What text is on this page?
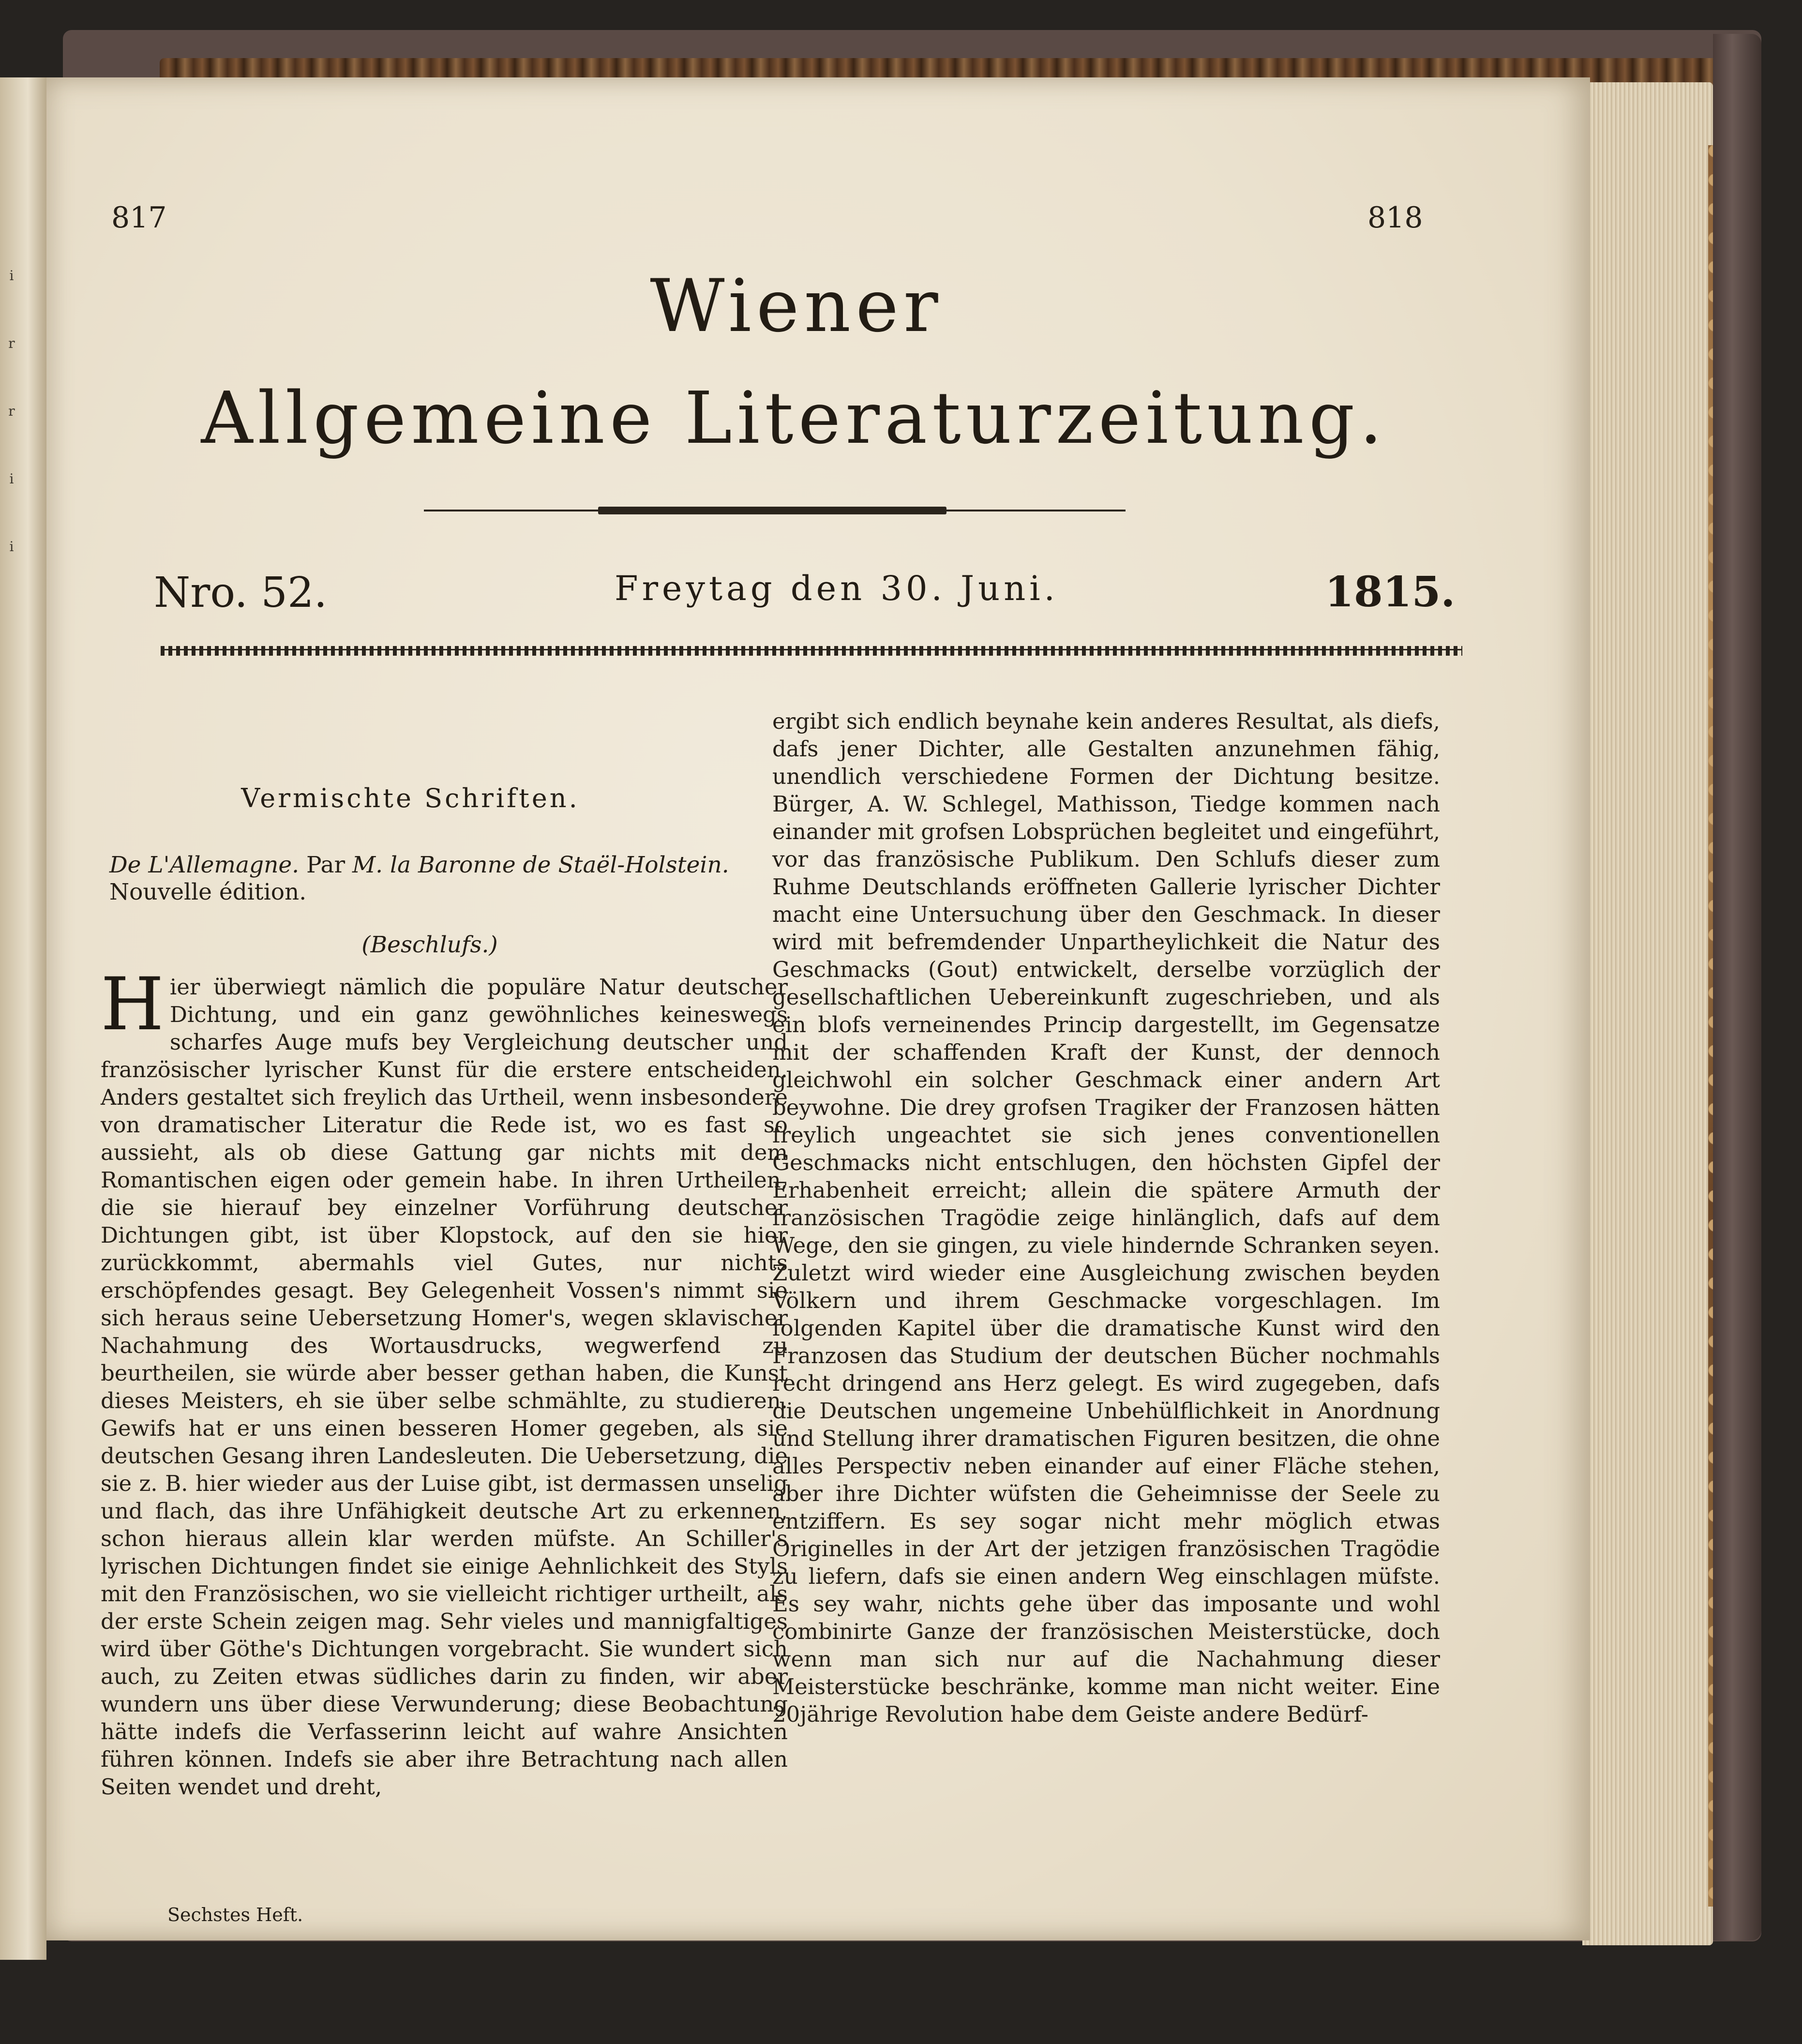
i
r
r
i
i
817	818
Wiener
Allgemeine Literaturzeitung.
Nro. 52.	Freytag den 30. Juni.	1815.
Vermischte Schriften.
De L'Allemagne. Par M. la Baronne de Staël-Holstein. Nouvelle édition.
(Beschlufs.)
H ier überwiegt nämlich die populäre Natur deutscher Dichtung, und ein ganz gewöhnliches keineswegs scharfes Auge mufs bey Vergleichung deutscher und französischer lyrischer Kunst für die erstere entscheiden. Anders gestaltet sich freylich das Urtheil, wenn insbesondere von dramatischer Literatur die Rede ist, wo es fast so aussieht, als ob diese Gattung gar nichts mit dem Romantischen eigen oder gemein habe. In ihren Urtheilen, die sie hierauf bey einzelner Vorführung deutscher Dichtungen gibt, ist über Klopstock, auf den sie hier zurückkommt, abermahls viel Gutes, nur nichts erschöpfendes gesagt. Bey Gelegenheit Vossen's nimmt sie sich heraus seine Uebersetzung Homer's, wegen sklavischer Nachahmung des Wortausdrucks, wegwerfend zu beurtheilen, sie würde aber besser gethan haben, die Kunst dieses Meisters, eh sie über selbe schmählte, zu studieren. Gewifs hat er uns einen besseren Homer gegeben, als sie deutschen Gesang ihren Landesleuten. Die Uebersetzung, die sie z. B. hier wieder aus der Luise gibt, ist dermassen unselig und flach, das ihre Unfähigkeit deutsche Art zu erkennen, schon hieraus allein klar werden müfste. An Schiller's lyrischen Dichtungen findet sie einige Aehnlichkeit des Styls mit den Französischen, wo sie vielleicht richtiger urtheilt, als der erste Schein zeigen mag. Sehr vieles und mannigfaltiges wird über Göthe's Dichtungen vorgebracht. Sie wundert sich auch, zu Zeiten etwas südliches darin zu finden, wir aber wundern uns über diese Verwunderung; diese Beobachtung hätte indefs die Verfasserinn leicht auf wahre Ansichten führen können. Indefs sie aber ihre Betrachtung nach allen Seiten wendet und dreht,
ergibt sich endlich beynahe kein anderes Resultat, als diefs, dafs jener Dichter, alle Gestalten anzunehmen fähig, unendlich verschiedene Formen der Dichtung besitze. Bürger, A. W. Schlegel, Mathisson, Tiedge kommen nach einander mit grofsen Lobsprüchen begleitet und eingeführt, vor das französische Publikum. Den Schlufs dieser zum Ruhme Deutschlands eröffneten Gallerie lyrischer Dichter macht eine Untersuchung über den Geschmack. In dieser wird mit befremdender Unpartheylichkeit die Natur des Geschmacks (Gout) entwickelt, derselbe vorzüglich der gesellschaftlichen Uebereinkunft zugeschrieben, und als ein blofs verneinendes Princip dargestellt, im Gegensatze mit der schaffenden Kraft der Kunst, der dennoch gleichwohl ein solcher Geschmack einer andern Art beywohne. Die drey grofsen Tragiker der Franzosen hätten freylich ungeachtet sie sich jenes conventionellen Geschmacks nicht entschlugen, den höchsten Gipfel der Erhabenheit erreicht; allein die spätere Armuth der französischen Tragödie zeige hinlänglich, dafs auf dem Wege, den sie gingen, zu viele hindernde Schranken seyen. Zuletzt wird wieder eine Ausgleichung zwischen beyden Völkern und ihrem Geschmacke vorgeschlagen. Im folgenden Kapitel über die dramatische Kunst wird den Franzosen das Studium der deutschen Bücher nochmahls recht dringend ans Herz gelegt. Es wird zugegeben, dafs die Deutschen ungemeine Unbehülflichkeit in Anordnung und Stellung ihrer dramatischen Figuren besitzen, die ohne alles Perspectiv neben einander auf einer Fläche stehen, aber ihre Dichter wüfsten die Geheimnisse der Seele zu entziffern. Es sey sogar nicht mehr möglich etwas Originelles in der Art der jetzigen französischen Tragödie zu liefern, dafs sie einen andern Weg einschlagen müfste. Es sey wahr, nichts gehe über das imposante und wohl combinirte Ganze der französischen Meisterstücke, doch wenn man sich nur auf die Nachahmung dieser Meisterstücke beschränke, komme man nicht weiter. Eine 20jährige Revolution habe dem Geiste andere Bedürf-
Sechstes Heft.
